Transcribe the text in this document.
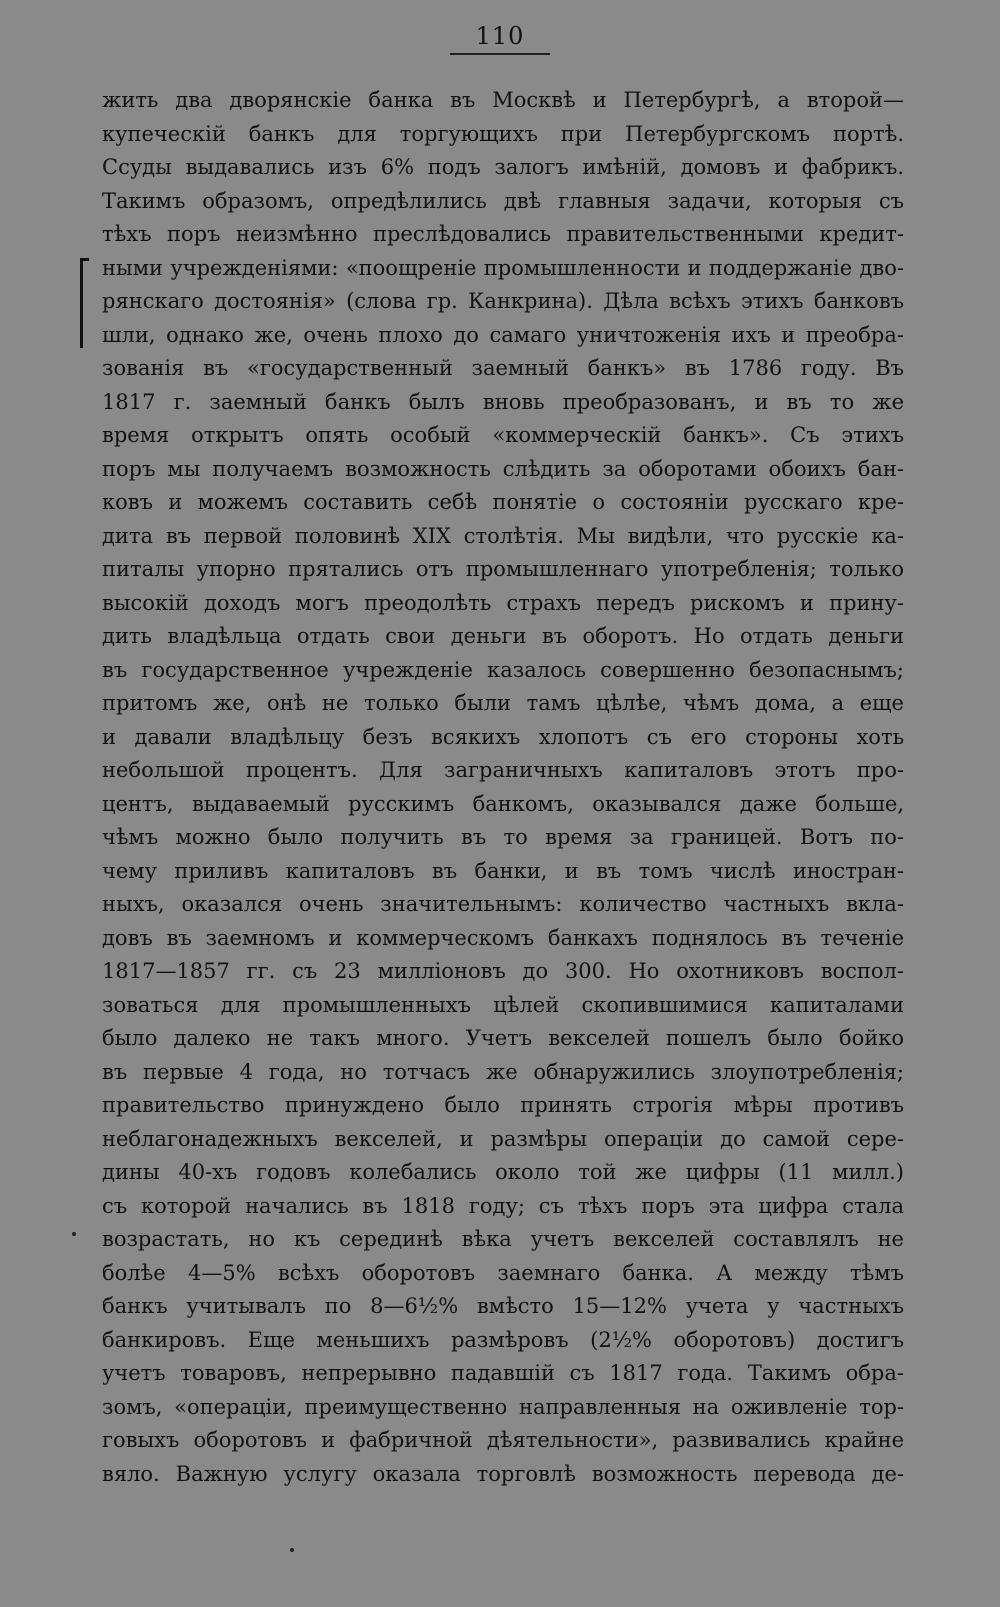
110
жить два дворянскіе банка въ Москвѣ и Петербургѣ, а второй—
купеческій банкъ для торгующихъ при Петербургскомъ портѣ.
Ссуды выдавались изъ 6% подъ залогъ имѣній, домовъ и фабрикъ.
Такимъ образомъ, опредѣлились двѣ главныя задачи, которыя съ
тѣхъ поръ неизмѣнно преслѣдовались правительственными кредит-
ными учрежденіями: «поощреніе промышленности и поддержаніе дво-
рянскаго достоянія» (слова гр. Канкрина). Дѣла всѣхъ этихъ банковъ
шли, однако же, очень плохо до самаго уничтоженія ихъ и преобра-
зованія въ «государственный заемный банкъ» въ 1786 году. Въ
1817 г. заемный банкъ былъ вновь преобразованъ, и въ то же
время открытъ опять особый «коммерческій банкъ». Съ этихъ
поръ мы получаемъ возможность слѣдить за оборотами обоихъ бан-
ковъ и можемъ составить себѣ понятіе о состояніи русскаго кре-
дита въ первой половинѣ XIX столѣтія. Мы видѣли, что русскіе ка-
питалы упорно прятались отъ промышленнаго употребленія; только
высокій доходъ могъ преодолѣть страхъ передъ рискомъ и прину-
дить владѣльца отдать свои деньги въ оборотъ. Но отдать деньги
въ государственное учрежденіе казалось совершенно безопаснымъ;
притомъ же, онѣ не только были тамъ цѣлѣе, чѣмъ дома, а еще
и давали владѣльцу безъ всякихъ хлопотъ съ его стороны хоть
небольшой процентъ. Для заграничныхъ капиталовъ этотъ про-
центъ, выдаваемый русскимъ банкомъ, оказывался даже больше,
чѣмъ можно было получить въ то время за границей. Вотъ по-
чему приливъ капиталовъ въ банки, и въ томъ числѣ иностран-
ныхъ, оказался очень значительнымъ: количество частныхъ вкла-
довъ въ заемномъ и коммерческомъ банкахъ поднялось въ теченіе
1817—1857 гг. съ 23 милліоновъ до 300. Но охотниковъ воспол-
зоваться для промышленныхъ цѣлей скопившимися капиталами
было далеко не такъ много. Учетъ векселей пошелъ было бойко
въ первые 4 года, но тотчасъ же обнаружились злоупотребленія;
правительство принуждено было принять строгія мѣры противъ
неблагонадежныхъ векселей, и размѣры операціи до самой сере-
дины 40-хъ годовъ колебались около той же цифры (11 милл.)
съ которой начались въ 1818 году; съ тѣхъ поръ эта цифра стала
возрастать, но къ серединѣ вѣка учетъ векселей составлялъ не
болѣе 4—5% всѣхъ оборотовъ заемнаго банка. А между тѣмъ
банкъ учитывалъ по 8—6½% вмѣсто 15—12% учета у частныхъ
банкировъ. Еще меньшихъ размѣровъ (2½% оборотовъ) достигъ
учетъ товаровъ, непрерывно падавшій съ 1817 года. Такимъ обра-
зомъ, «операціи, преимущественно направленныя на оживленіе тор-
говыхъ оборотовъ и фабричной дѣятельности», развивались крайне
вяло. Важную услугу оказала торговлѣ возможность перевода де-
